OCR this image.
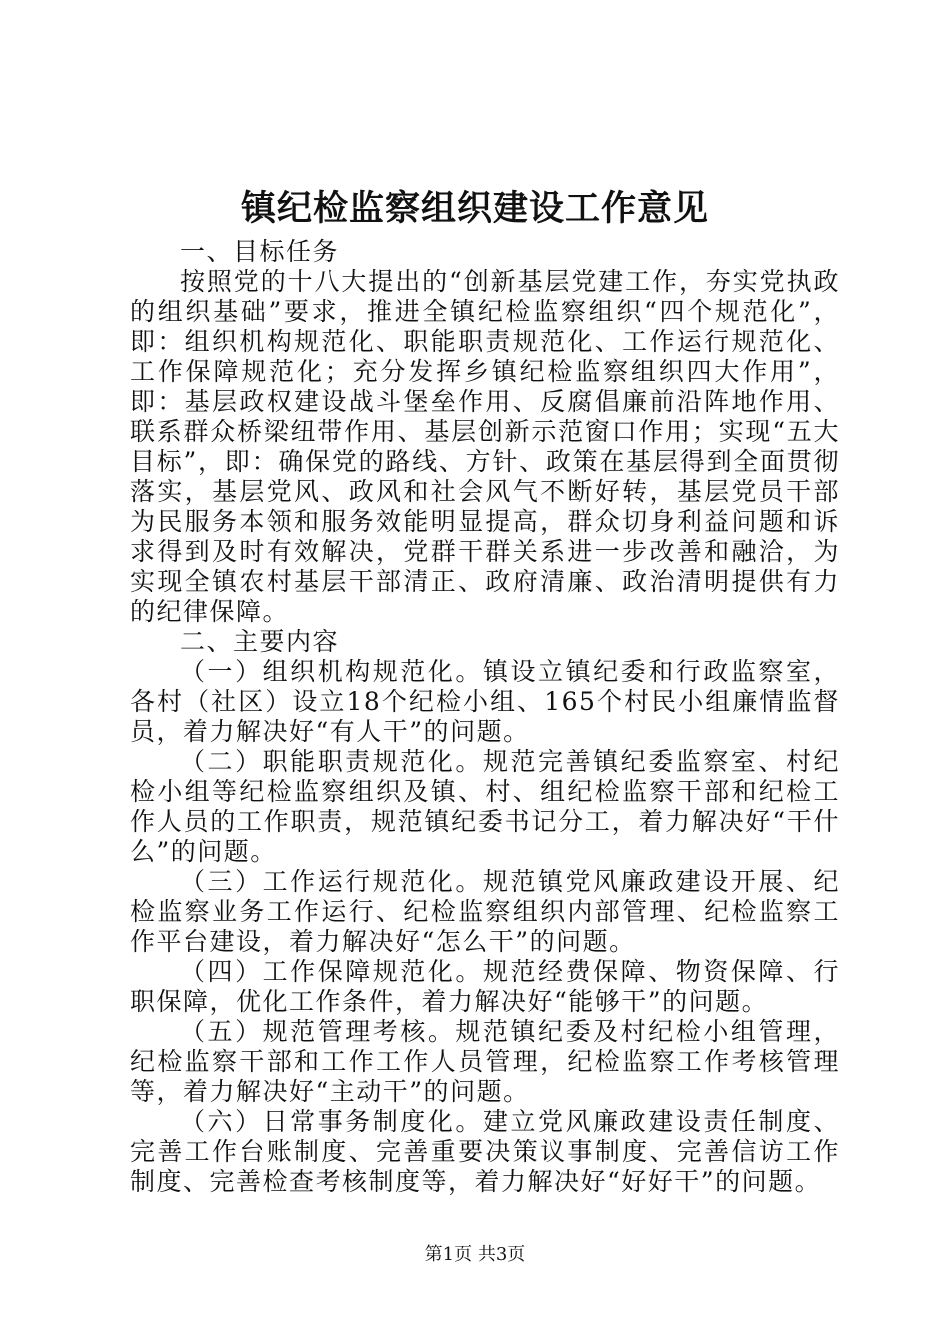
镇纪检监察组织建设工作意见

一、目标任务

按照党的十八大提出的“创新基层党建工作，夯实党执政的组织基础”要求，推进全镇纪检监察组织“四个规范化”，即：组织机构规范化、职能职责规范化、工作运行规范化、工作保障规范化；充分发挥乡镇纪检监察组织四大作用”，即：基层政权建设战斗堡垒作用、反腐倡廉前沿阵地作用、联系群众桥梁纽带作用、基层创新示范窗口作用；实现“五大目标”，即：确保党的路线、方针、政策在基层得到全面贯彻落实，基层党风、政风和社会风气不断好转，基层党员干部为民服务本领和服务效能明显提高，群众切身利益问题和诉求得到及时有效解决，党群干群关系进一步改善和融洽，为实现全镇农村基层干部清正、政府清廉、政治清明提供有力的纪律保障。

二、主要内容

（一）组织机构规范化。镇设立镇纪委和行政监察室，各村（社区）设立18个纪检小组、165个村民小组廉情监督员，着力解决好“有人干”的问题。

（二）职能职责规范化。规范完善镇纪委监察室、村纪检小组等纪检监察组织及镇、村、组纪检监察干部和纪检工作人员的工作职责，规范镇纪委书记分工，着力解决好“干什么”的问题。

（三）工作运行规范化。规范镇党风廉政建设开展、纪检监察业务工作运行、纪检监察组织内部管理、纪检监察工作平台建设，着力解决好“怎么干”的问题。

（四）工作保障规范化。规范经费保障、物资保障、行职保障，优化工作条件，着力解决好“能够干”的问题。

（五）规范管理考核。规范镇纪委及村纪检小组管理，纪检监察干部和工作工作人员管理，纪检监察工作考核管理等，着力解决好“主动干”的问题。

（六）日常事务制度化。建立党风廉政建设责任制度、完善工作台账制度、完善重要决策议事制度、完善信访工作制度、完善检查考核制度等，着力解决好“好好干”的问题。

第1页 共3页
